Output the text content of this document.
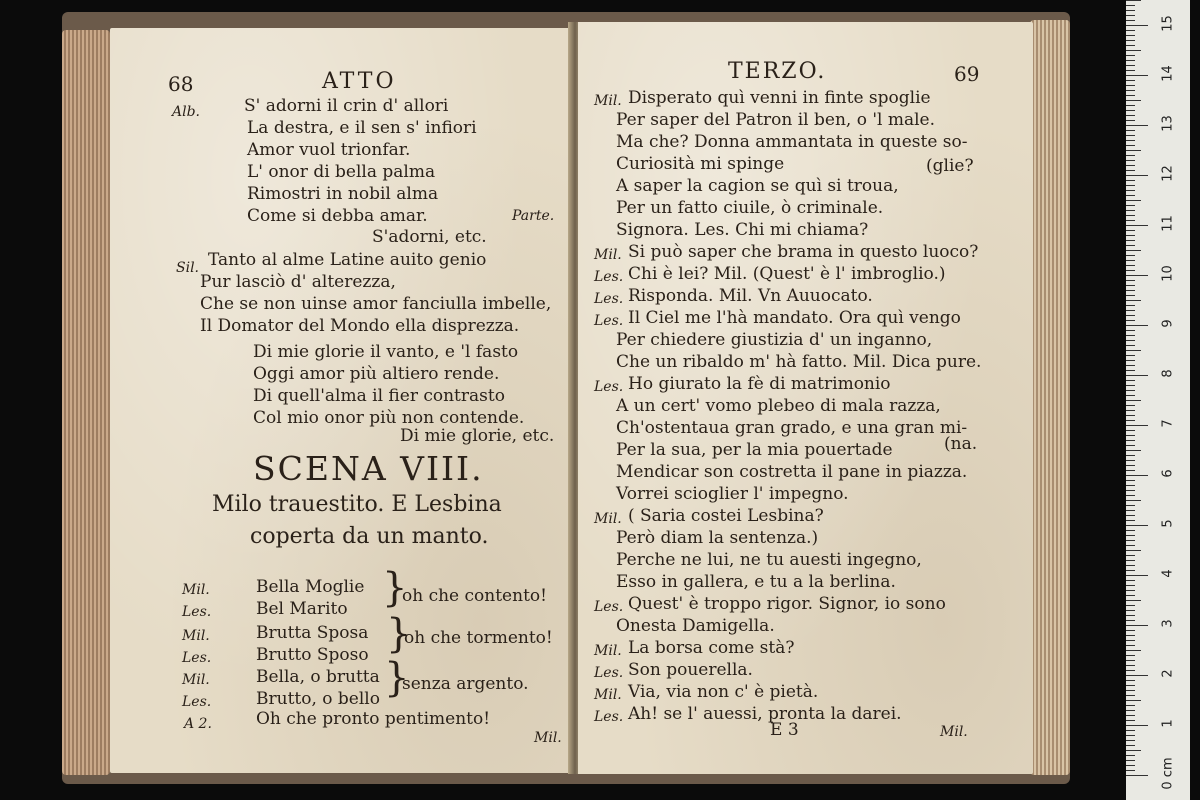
68	ATTO
Alb.	S' adorni il crin d' allori
La destra, e il sen s' infiori
Amor vuol trionfar.
L' onor di bella palma
Rimostri in nobil alma
Come si debba amar.	Parte.
S'adorni, etc.
Sil. Tanto al alme Latine auito genio
Pur lasciò d' alterezza,
Che se non uinse amor fanciulla imbelle,
Il Domator del Mondo ella disprezza.
Di mie glorie il vanto, e 'l fasto
Oggi amor più altiero rende.
Di quell'alma il fier contrasto
Col mio onor più non contende.
Di mie glorie, etc.
SCENA VIII.
Milo trauestito. E Lesbina
coperta da un manto.
Mil.	Bella Moglie
Les.	Bel Marito }
oh che contento!
Mil.	Brutta Sposa
Les.	Brutto Sposo }
oh che tormento!
Mil.	Bella, o brutta
Les.	Brutto, o bello }
senza argento.
A 2.	Oh che pronto pentimento!
Mil.
TERZO.	69
Mil. Disperato quì venni in finte spoglie
Per saper del Patron il ben, o 'l male.
Ma che? Donna ammantata in queste so-
Curiosità mi spinge
A saper la cagion se quì si troua,
Per un fatto ciuile, ò criminale.
Signora. Les. Chi mi chiama?
Mil. Si può saper che brama in questo luoco?
Les. Chi è lei? Mil. (Quest' è l' imbroglio.)
Les. Risponda. Mil. Vn Auuocato.
Les. Il Ciel me l'hà mandato. Ora quì vengo
Per chiedere giustizia d' un inganno,
Che un ribaldo m' hà fatto. Mil. Dica pure.
Les. Ho giurato la fè di matrimonio
A un cert' vomo plebeo di mala razza,
Ch'ostentaua gran grado, e una gran mi-
Per la sua, per la mia pouertade
Mendicar son costretta il pane in piazza.
Vorrei scioglier l' impegno.
Mil. ( Saria costei Lesbina?
Però diam la sentenza.)
Perche ne lui, ne tu auesti ingegno,
Esso in gallera, e tu a la berlina.
Les. Quest' è troppo rigor. Signor, io sono
Onesta Damigella.
Mil. La borsa come stà?
Les. Son pouerella.
Mil. Via, via non c' è pietà.
Les. Ah! se l' auessi, pronta la darei.
(glie?
(na.
E 3	Mil.
0 cm
1
2
3
4
5
6
7
8
9
10
11
12
13
14
15
